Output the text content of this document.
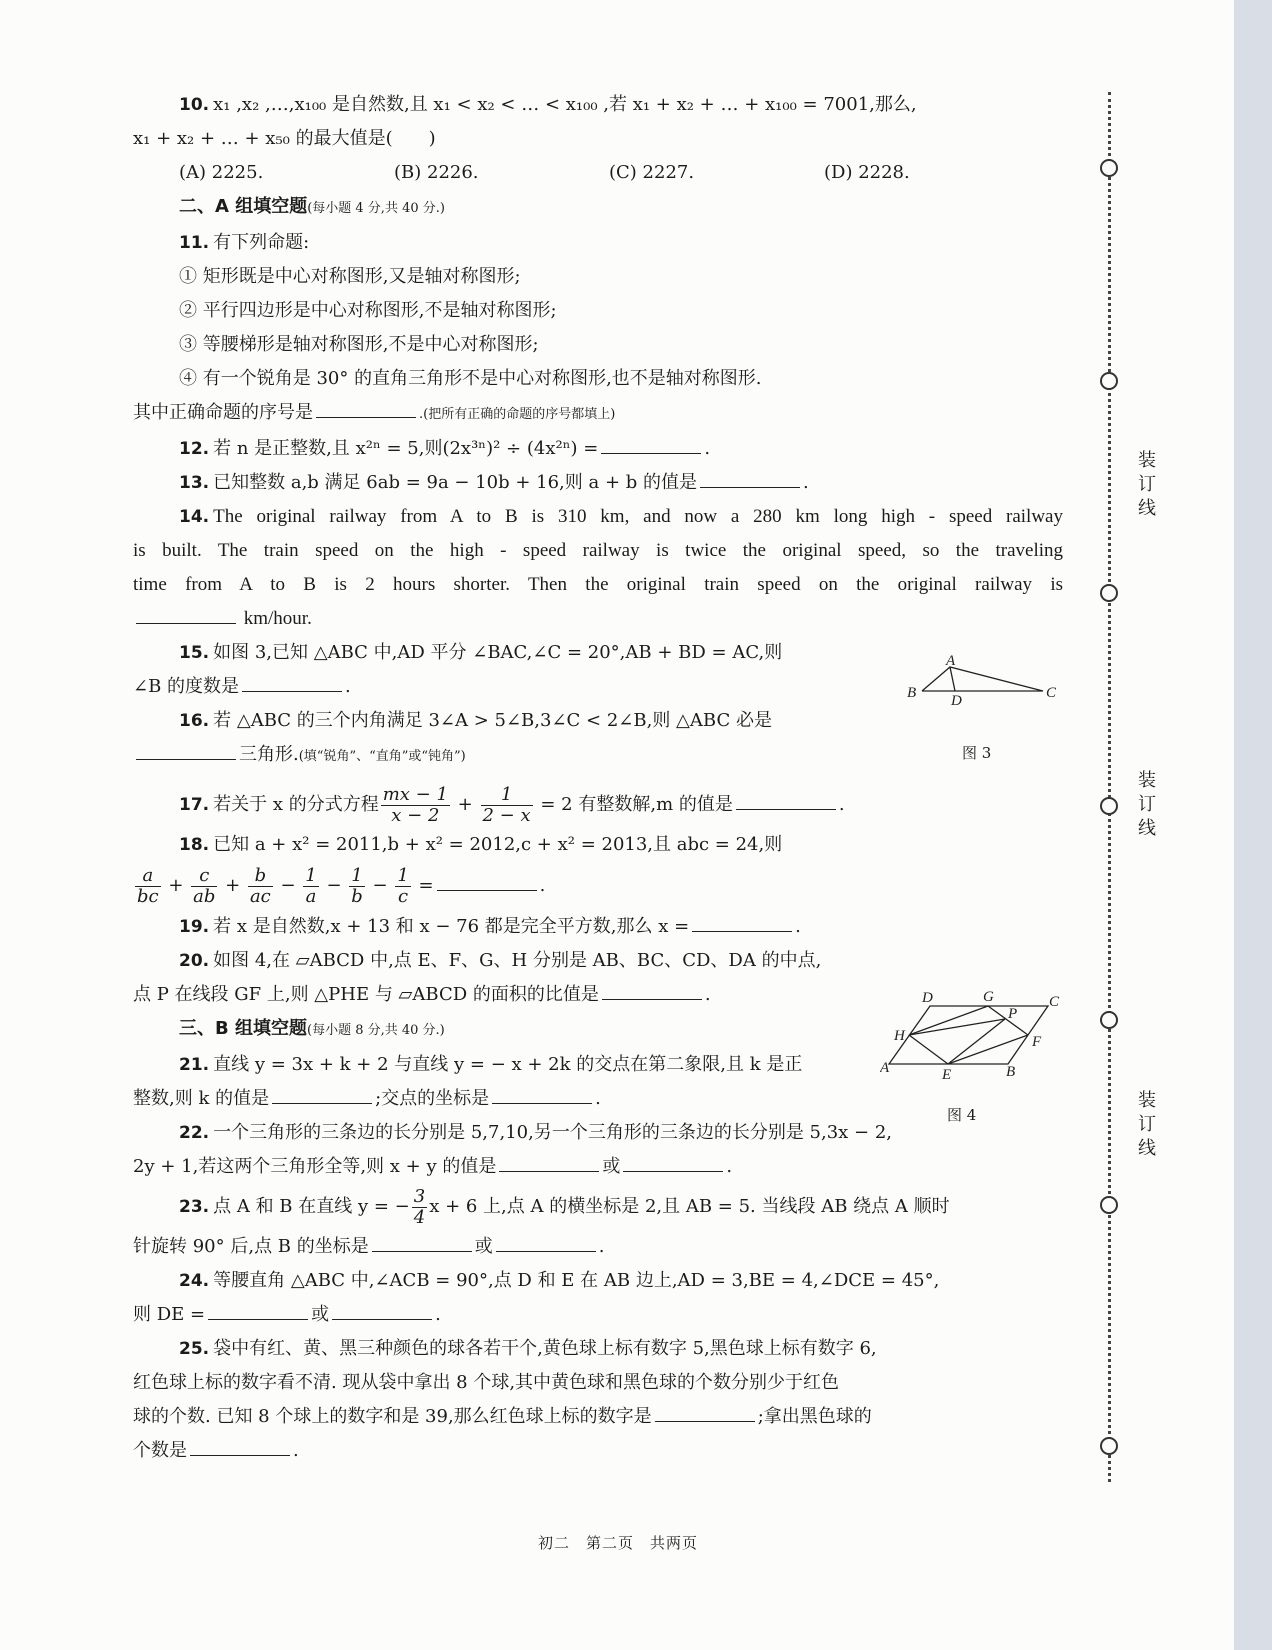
10. x₁ ,x₂ ,…,x₁₀₀ 是自然数,且 x₁ < x₂ < … < x₁₀₀ ,若 x₁ + x₂ + … + x₁₀₀ = 7001,那么,
x₁ + x₂ + … + x₅₀ 的最大值是(　　)
(A) 2225.	(B) 2226.	(C) 2227.	(D) 2228.
二、A 组填空题(每小题 4 分,共 40 分.)
11. 有下列命题:
① 矩形既是中心对称图形,又是轴对称图形;
② 平行四边形是中心对称图形,不是轴对称图形;
③ 等腰梯形是轴对称图形,不是中心对称图形;
④ 有一个锐角是 30° 的直角三角形不是中心对称图形,也不是轴对称图形.
其中正确命题的序号是	.(把所有正确的命题的序号都填上)
12. 若 n 是正整数,且 x²ⁿ = 5,则(2x³ⁿ)² ÷ (4x²ⁿ) =	.
13. 已知整数 a,b 满足 6ab = 9a − 10b + 16,则 a + b 的值是	.
14. The original railway from A to B is 310 km, and now a 280 km long high - speed railway
is built. The train speed on the high - speed railway is twice the original speed, so the traveling
time from A to B is 2 hours shorter. Then the original train speed on the original railway is
km/hour.
15. 如图 3,已知 △ABC 中,AD 平分 ∠BAC,∠C = 20°,AB + BD = AC,则
∠B 的度数是	.
16. 若 △ABC 的三个内角满足 3∠A > 5∠B,3∠C < 2∠B,则 △ABC 必是
三角形.(填“锐角”、“直角”或“钝角”)
17. 若关于 x 的分式方程 $\frac{mx - 1}{x - 2} + \frac{1}{2 - x} = 2$ 有整数解,m 的值是	.
18. 已知 a + x² = 2011,b + x² = 2012,c + x² = 2013,且 abc = 24,则
$\frac{a}{bc} + \frac{c}{ab} + \frac{b}{ac} - \frac{1}{a} - \frac{1}{b} - \frac{1}{c}$ =	.
19. 若 x 是自然数,x + 13 和 x − 76 都是完全平方数,那么 x =	.
20. 如图 4,在 ▱ABCD 中,点 E、F、G、H 分别是 AB、BC、CD、DA 的中点,
点 P 在线段 GF 上,则 △PHE 与 ▱ABCD 的面积的比值是	.
三、B 组填空题(每小题 8 分,共 40 分.)
21. 直线 y = 3x + k + 2 与直线 y = − x + 2k 的交点在第二象限,且 k 是正
整数,则 k 的值是	;交点的坐标是	.
22. 一个三角形的三条边的长分别是 5,7,10,另一个三角形的三条边的长分别是 5,3x − 2,
2y + 1,若这两个三角形全等,则 x + y 的值是	或	.
23. 点 A 和 B 在直线 y = − $\frac{3}{4}$ x + 6 上,点 A 的横坐标是 2,且 AB = 5. 当线段 AB 绕点 A 顺时
针旋转 90° 后,点 B 的坐标是	或	.
24. 等腰直角 △ABC 中,∠ACB = 90°,点 D 和 E 在 AB 边上,AD = 3,BE = 4,∠DCE = 45°,
则 DE =	或	.
25. 袋中有红、黄、黑三种颜色的球各若干个,黄色球上标有数字 5,黑色球上标有数字 6,
红色球上标的数字看不清. 现从袋中拿出 8 个球,其中黄色球和黑色球的个数分别少于红色
球的个数. 已知 8 个球上的数字和是 39,那么红色球上标的数字是	;拿出黑色球的
个数是	.
A
B	C
D
图 3
D	G	C
P
H	F
A	E	B
图 4
装订线
装订线
装订线
初二　第二页　共两页
